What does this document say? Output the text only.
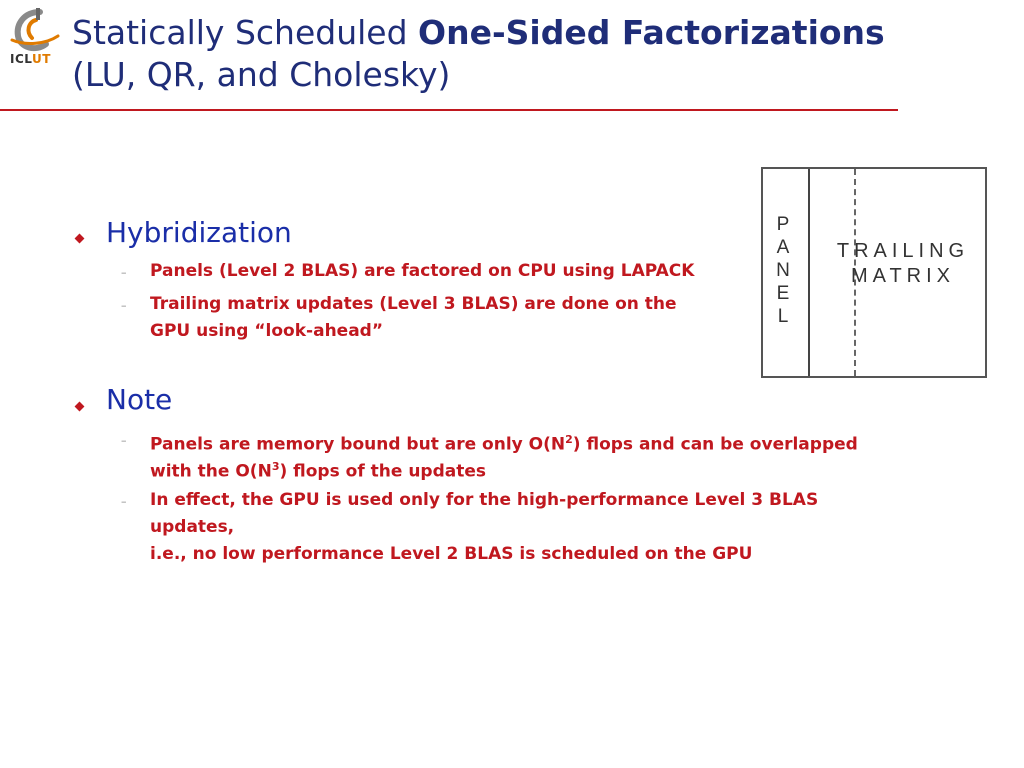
ICLUT
Statically Scheduled One-Sided Factorizations
(LU, QR, and Cholesky)
Hybridization
– Panels (Level 2 BLAS) are factored on CPU using LAPACK
– Trailing matrix updates (Level 3 BLAS) are done on the
GPU using “look-ahead”
Note
– Panels are memory bound but are only $O(N^2)$ flops and can be overlapped
with the $O(N^3)$ flops of the updates
– In effect, the GPU is used only for the high-performance Level 3 BLAS
updates,
i.e., no low performance Level 2 BLAS is scheduled on the GPU
P
A
N
E
L
TRAILING
MATRIX
